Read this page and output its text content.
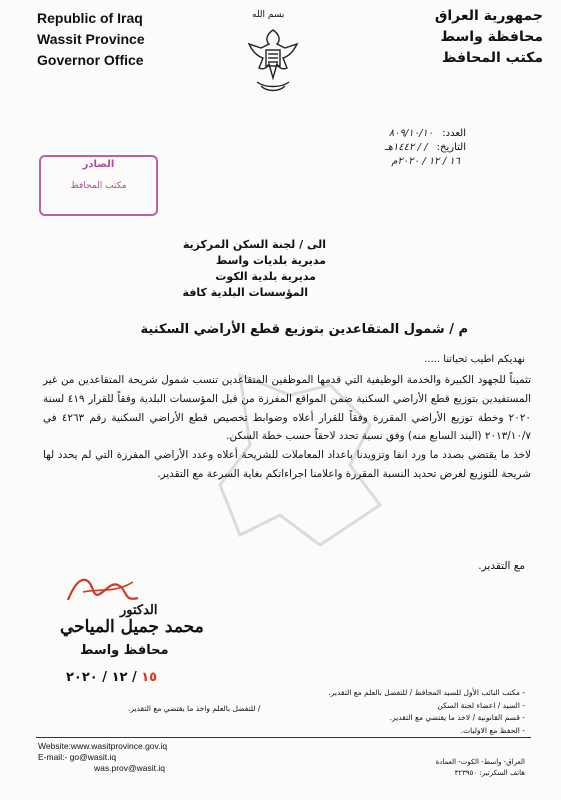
Republic of Iraq
Wassit Province
Governor Office
بسم الله	جمهورية العراق
محافظة واسط
مكتب المحافظ
العدد: ٨٠٩/١٠/١٠
التاريخ: / / ١٤٤٢هـ
١٦ / ١٢ / ٢٠٢٠م
الصادر
مكتب المحافظ
الى / لجنة السكن المركزية
مديرية بلديات واسط
مديرية بلدية الكوت
المؤسسات البلدية كافة
م / شمول المتقاعدين بتوزيع قطع الأراضي السكنية
نهديكم اطيب تحياتنا .....

تثميناً للجهود الكبيرة والخدمة الوظيفية التي قدمها الموظفين المتقاعدين تنسب شمول شريحة المتقاعدين من غير المستفيدين بتوزيع قطع الأراضي السكنية ضمن المواقع المفرزة من قبل المؤسسات البلدية وفقاً للقرار ٤١٩ لسنة ٢٠٢٠ وخطة توزيع الأراضي المقررة وفقاً للقرار أعلاه وضوابط تخصيص قطع الأراضي السكنية رقم ٤٢٦٣ في ٢٠١٣/١٠/٧ (البند السابع منه) وفق نسبة تحدد لاحقاً حسب خطة السكن.

لاخذ ما يقتضي بصدد ما ورد انفا وتزويدنا باعداد المعاملات للشريحة أعلاه وعدد الأراضي المفرزة التي لم يحدد لها شريحة للتوزيع لغرض تحديد النسبة المقررة واعلامنا اجراءاتكم بغاية السرعة مع التقدير.

مع التقدير.
الدكتور
محمد جميل المياحي
محافظ واسط
١٥ / ١٢ / ٢٠٢٠
/ للتفضل بالعلم واخذ ما يقتضي مع التقدير.
- مكتب النائب الأول للسيد المحافظ / للتفضل بالعلم مع التقدير.
- السيد / اعضاء لجنة السكن
- قسم القانونية / لاخذ ما يقتضي مع التقدير.
- الحفظ مع الاوليات.
Website:www.wasitprovince.gov.iq
E-mail:- go@wasit.iq
was.prov@wasit.iq
العراق- واسط- الكوت- العمادة
هاتف السكرتير: ٣٢٣٩٥٠
